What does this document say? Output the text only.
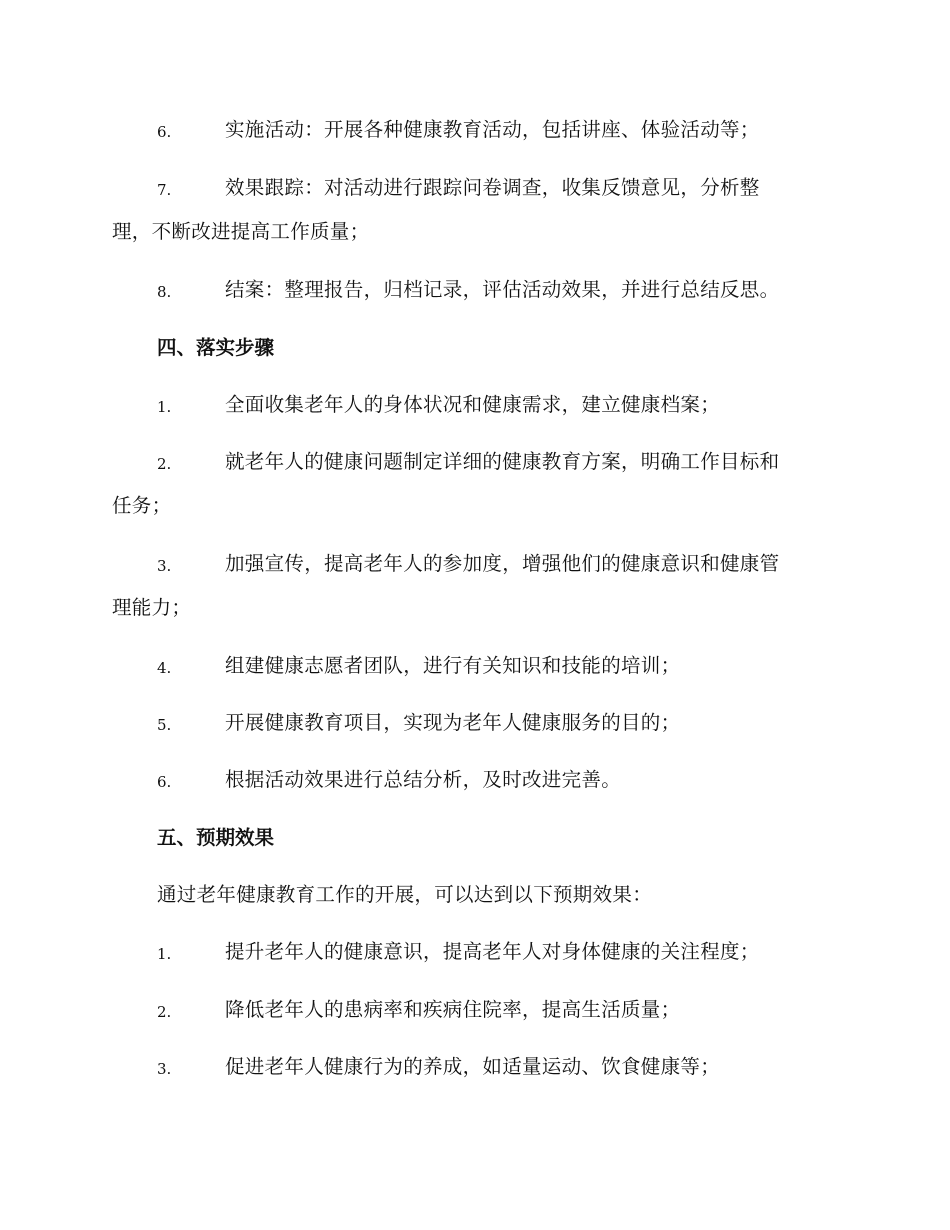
6.	实施活动：开展各种健康教育活动，包括讲座、体验活动等；
7.	效果跟踪：对活动进行跟踪问卷调查，收集反馈意见，分析整
理，不断改进提高工作质量；
8.	结案：整理报告，归档记录，评估活动效果，并进行总结反思。
四、落实步骤
1.	全面收集老年人的身体状况和健康需求，建立健康档案；
2.	就老年人的健康问题制定详细的健康教育方案，明确工作目标和
任务；
3.	加强宣传，提高老年人的参加度，增强他们的健康意识和健康管
理能力；
4.	组建健康志愿者团队，进行有关知识和技能的培训；
5.	开展健康教育项目，实现为老年人健康服务的目的；
6.	根据活动效果进行总结分析，及时改进完善。
五、预期效果
通过老年健康教育工作的开展，可以达到以下预期效果：
1.	提升老年人的健康意识，提高老年人对身体健康的关注程度；
2.	降低老年人的患病率和疾病住院率，提高生活质量；
3.	促进老年人健康行为的养成，如适量运动、饮食健康等；
